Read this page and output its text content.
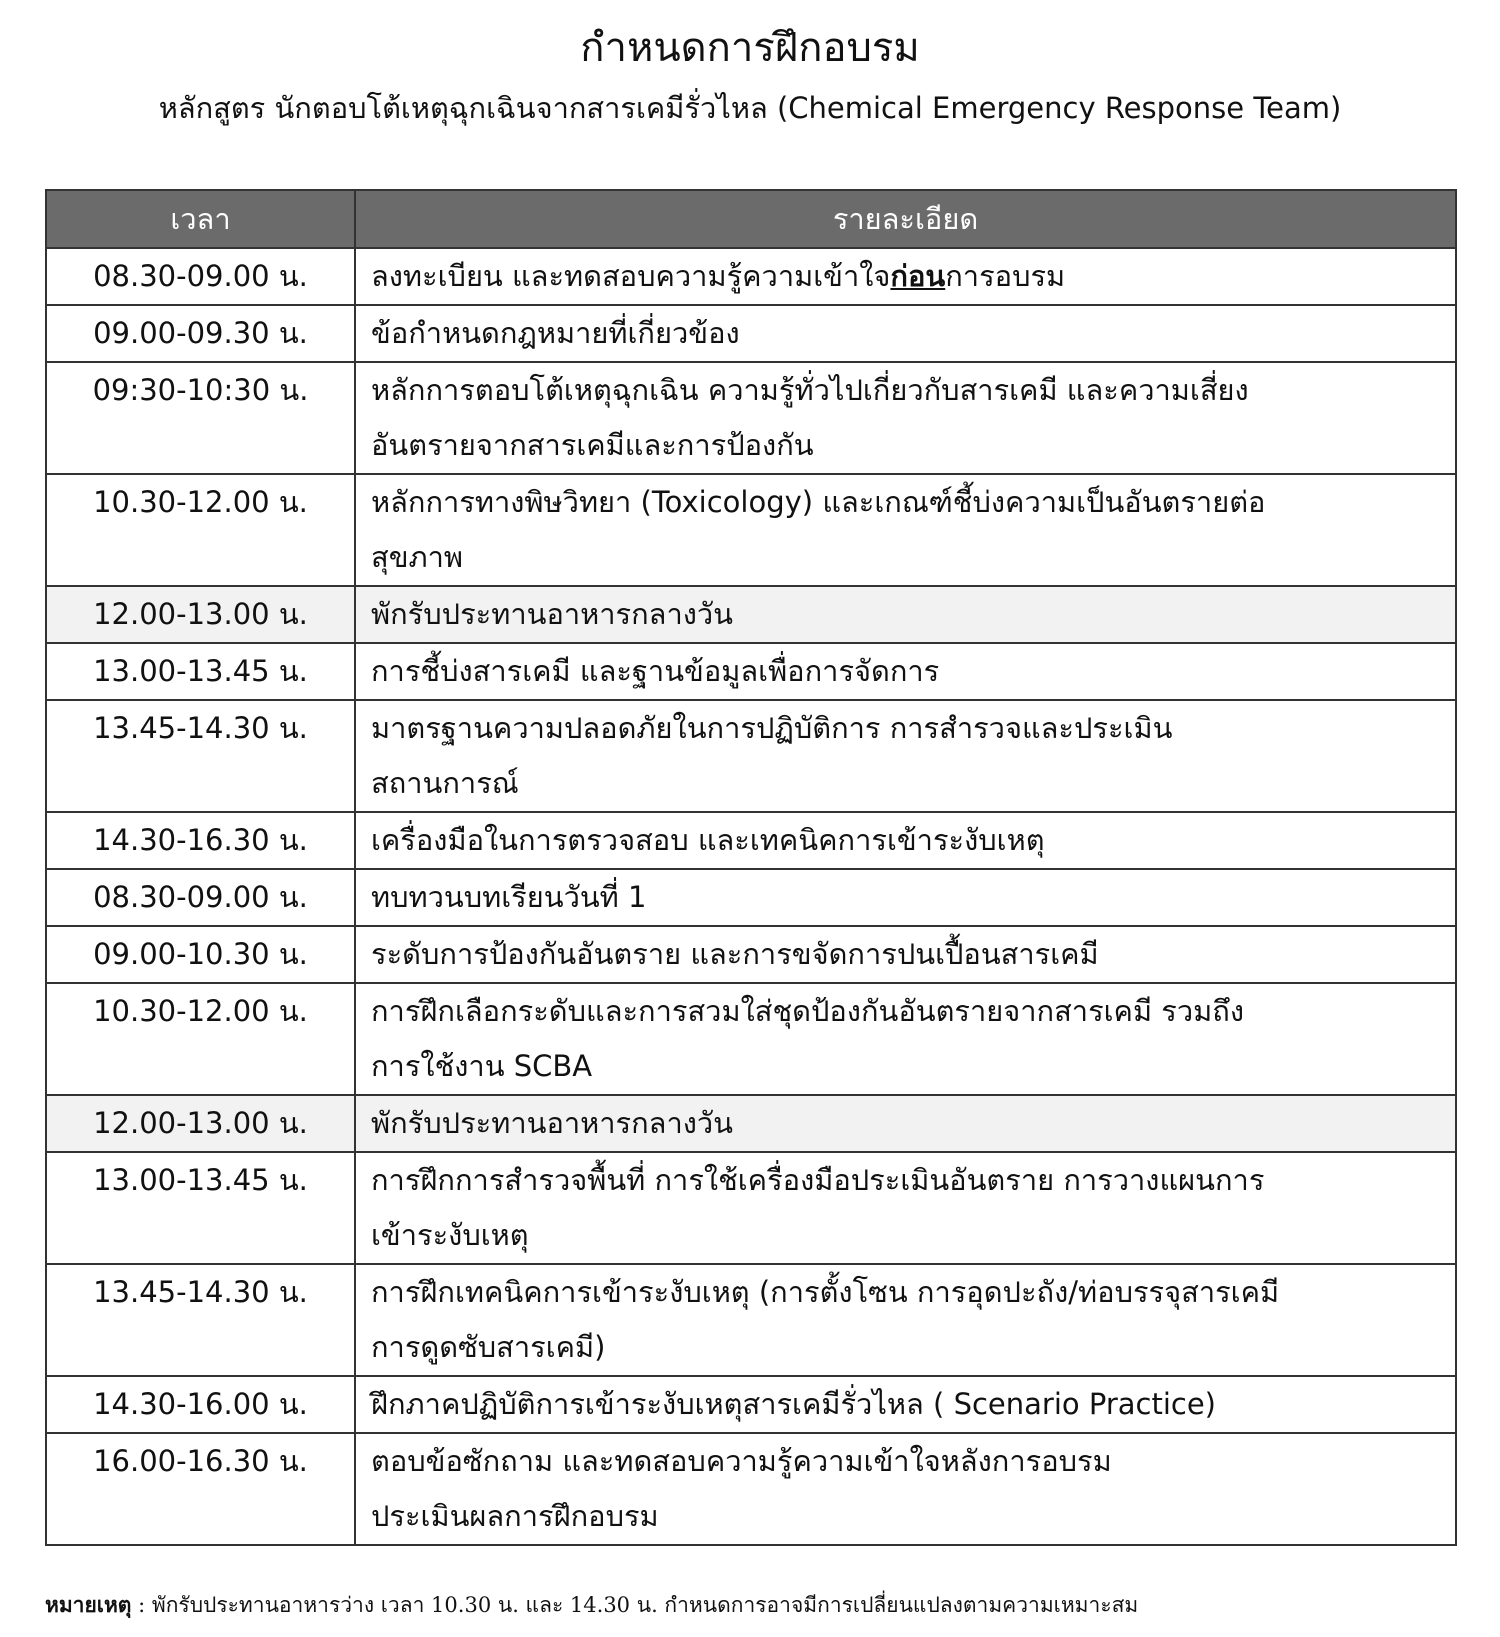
กำหนดการฝึกอบรม

หลักสูตร นักตอบโต้เหตุฉุกเฉินจากสารเคมีรั่วไหล (Chemical Emergency Response Team)

เวลา	รายละเอียด
08.30-09.00 น.	ลงทะเบียน และทดสอบความรู้ความเข้าใจก่อนการอบรม
09.00-09.30 น.	ข้อกำหนดกฎหมายที่เกี่ยวข้อง
09:30-10:30 น.	หลักการตอบโต้เหตุฉุกเฉิน ความรู้ทั่วไปเกี่ยวกับสารเคมี และความเสี่ยง
อันตรายจากสารเคมีและการป้องกัน
10.30-12.00 น.	หลักการทางพิษวิทยา (Toxicology) และเกณฑ์ชี้บ่งความเป็นอันตรายต่อ
สุขภาพ
12.00-13.00 น.	พักรับประทานอาหารกลางวัน
13.00-13.45 น.	การชี้บ่งสารเคมี และฐานข้อมูลเพื่อการจัดการ
13.45-14.30 น.	มาตรฐานความปลอดภัยในการปฏิบัติการ การสำรวจและประเมิน
สถานการณ์
14.30-16.30 น.	เครื่องมือในการตรวจสอบ และเทคนิคการเข้าระงับเหตุ
08.30-09.00 น.	ทบทวนบทเรียนวันที่ 1
09.00-10.30 น.	ระดับการป้องกันอันตราย และการขจัดการปนเปื้อนสารเคมี
10.30-12.00 น.	การฝึกเลือกระดับและการสวมใส่ชุดป้องกันอันตรายจากสารเคมี รวมถึง
การใช้งาน SCBA
12.00-13.00 น.	พักรับประทานอาหารกลางวัน
13.00-13.45 น.	การฝึกการสำรวจพื้นที่ การใช้เครื่องมือประเมินอันตราย การวางแผนการ
เข้าระงับเหตุ
13.45-14.30 น.	การฝึกเทคนิคการเข้าระงับเหตุ (การตั้งโซน การอุดปะถัง/ท่อบรรจุสารเคมี
การดูดซับสารเคมี)
14.30-16.00 น.	ฝึกภาคปฏิบัติการเข้าระงับเหตุสารเคมีรั่วไหล ( Scenario Practice)
16.00-16.30 น.	ตอบข้อซักถาม และทดสอบความรู้ความเข้าใจหลังการอบรม
ประเมินผลการฝึกอบรม
หมายเหตุ : พักรับประทานอาหารว่าง เวลา 10.30 น. และ 14.30 น. กำหนดการอาจมีการเปลี่ยนแปลงตามความเหมาะสม
